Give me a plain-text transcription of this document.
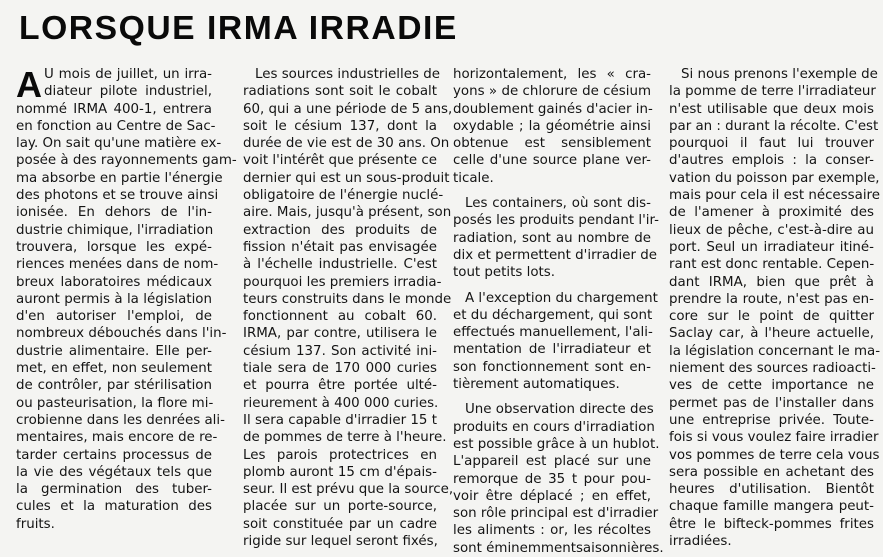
LORSQUE IRMA IRRADIE
A U mois de juillet, un irra-
diateur pilote industriel,
nommé IRMA 400-1, entrera
en fonction au Centre de Sac-
lay. On sait qu'une matière ex-
posée à des rayonnements gam-
ma absorbe en partie l'énergie
des photons et se trouve ainsi
ionisée. En dehors de l'in-
dustrie chimique, l'irradiation
trouvera, lorsque les expé-
riences menées dans de nom-
breux laboratoires médicaux
auront permis à la législation
d'en autoriser l'emploi, de
nombreux débouchés dans l'in-
dustrie alimentaire. Elle per-
met, en effet, non seulement
de contrôler, par stérilisation
ou pasteurisation, la flore mi-
crobienne dans les denrées ali-
mentaires, mais encore de re-
tarder certains processus de
la vie des végétaux tels que
la germination des tuber-
cules et la maturation des
fruits.
Les sources industrielles de
radiations sont soit le cobalt
60, qui a une période de 5 ans,
soit le césium 137, dont la
durée de vie est de 30 ans. On
voit l'intérêt que présente ce
dernier qui est un sous-produit
obligatoire de l'énergie nuclé-
aire. Mais, jusqu'à présent, son
extraction des produits de
fission n'était pas envisagée
à l'échelle industrielle. C'est
pourquoi les premiers irradia-
teurs construits dans le monde
fonctionnent au cobalt 60.
IRMA, par contre, utilisera le
césium 137. Son activité ini-
tiale sera de 170 000 curies
et pourra être portée ulté-
rieurement à 400 000 curies.
Il sera capable d'irradier 15 t
de pommes de terre à l'heure.
Les parois protectrices en
plomb auront 15 cm d'épais-
seur. Il est prévu que la source,
placée sur un porte-source,
soit constituée par un cadre
rigide sur lequel seront fixés,
horizontalement, les « cra-
yons » de chlorure de césium
doublement gainés d'acier in-
oxydable ; la géométrie ainsi
obtenue est sensiblement
celle d'une source plane ver-
ticale.
Les containers, où sont dis-
posés les produits pendant l'ir-
radiation, sont au nombre de
dix et permettent d'irradier de
tout petits lots.
A l'exception du chargement
et du déchargement, qui sont
effectués manuellement, l'ali-
mentation de l'irradiateur et
son fonctionnement sont en-
tièrement automatiques.
Une observation directe des
produits en cours d'irradiation
est possible grâce à un hublot.
L'appareil est placé sur une
remorque de 35 t pour pou-
voir être déplacé ; en effet,
son rôle principal est d'irradier
les aliments : or, les récoltes
sont éminemmentsaisonnières.
Si nous prenons l'exemple de
la pomme de terre l'irradiateur
n'est utilisable que deux mois
par an : durant la récolte. C'est
pourquoi il faut lui trouver
d'autres emplois : la conser-
vation du poisson par exemple,
mais pour cela il est nécessaire
de l'amener à proximité des
lieux de pêche, c'est-à-dire au
port. Seul un irradiateur itiné-
rant est donc rentable. Cepen-
dant IRMA, bien que prêt à
prendre la route, n'est pas en-
core sur le point de quitter
Saclay car, à l'heure actuelle,
la législation concernant le ma-
niement des sources radioacti-
ves de cette importance ne
permet pas de l'installer dans
une entreprise privée. Toute-
fois si vous voulez faire irradier
vos pommes de terre cela vous
sera possible en achetant des
heures d'utilisation. Bientôt
chaque famille mangera peut-
être le bifteck-pommes frites
irradiées.
